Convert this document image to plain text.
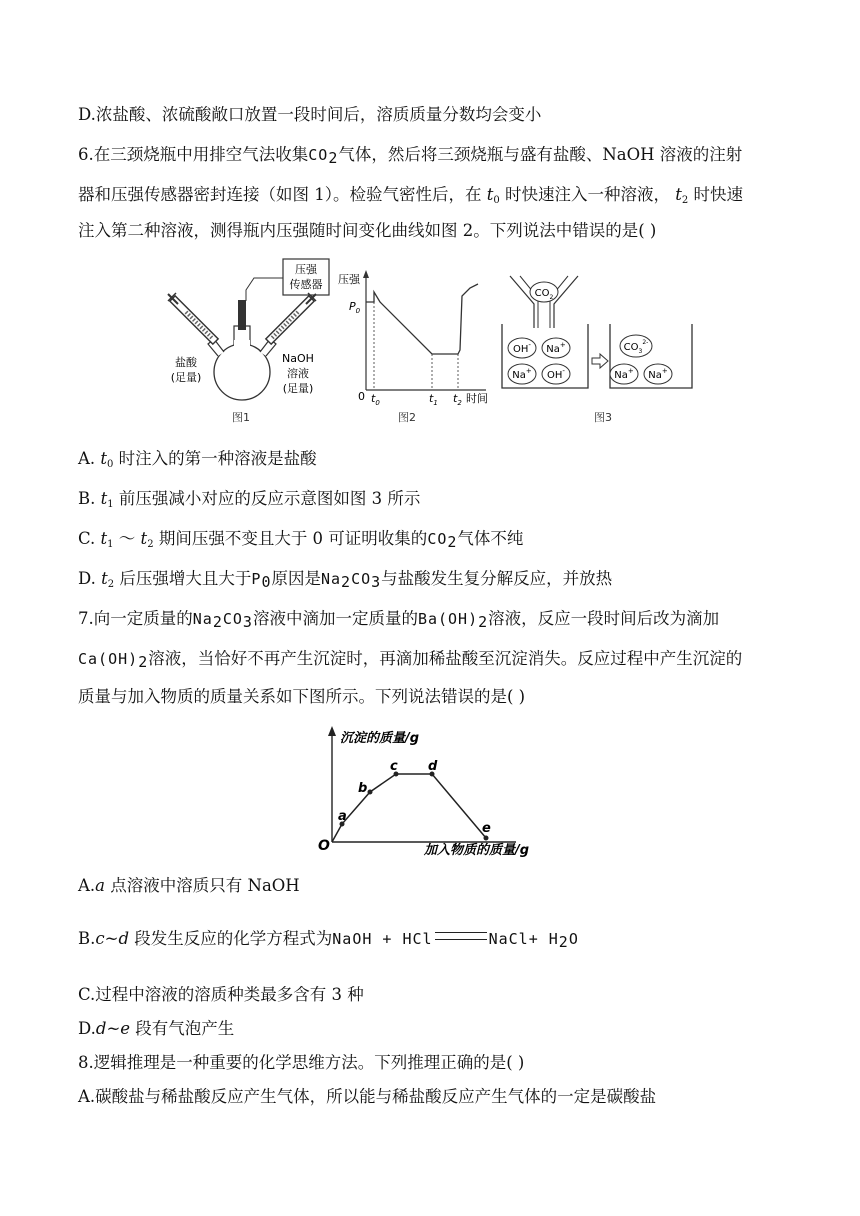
D.浓盐酸、浓硫酸敞口放置一段时间后，溶质质量分数均会变小
6.在三颈烧瓶中用排空气法收集CO2气体，然后将三颈烧瓶与盛有盐酸、NaOH 溶液的注射
器和压强传感器密封连接（如图 1）。检验气密性后，在 $t_0$ 时快速注入一种溶液， $t_2$ 时快速
注入第二种溶液，测得瓶内压强随时间变化曲线如图 2。下列说法中错误的是( )
压强
传感器
盐酸
(足量)
NaOH
溶液
(足量)
图1
压强
$P_0$
0 $t_0$	$t_1$ $t_2$ 时间
图2
$CO_2$
OH- Na+
Na+ OH-
$CO_3^{2-}$
Na+ Na+
图3
A. $t_0$ 时注入的第一种溶液是盐酸
B. $t_1$ 前压强减小对应的反应示意图如图 3 所示
C. $t_1$ ～ $t_2$ 期间压强不变且大于 0 可证明收集的CO2气体不纯
D. $t_2$ 后压强增大且大于P0原因是Na2CO3与盐酸发生复分解反应，并放热
7.向一定质量的Na2CO3溶液中滴加一定质量的Ba(OH)2溶液，反应一段时间后改为滴加
Ca(OH)2溶液，当恰好不再产生沉淀时，再滴加稀盐酸至沉淀消失。反应过程中产生沉淀的
质量与加入物质的质量关系如下图所示。下列说法错误的是( )
沉淀的质量/g
加入物质的质量/g
O
a
b
c d
e
A.a 点溶液中溶质只有 NaOH
B.c~d 段发生反应的化学方程式为NaOH + HCl	NaCl+ H2O
C.过程中溶液的溶质种类最多含有 3 种
D.d~e 段有气泡产生
8.逻辑推理是一种重要的化学思维方法。下列推理正确的是( )
A.碳酸盐与稀盐酸反应产生气体，所以能与稀盐酸反应产生气体的一定是碳酸盐
